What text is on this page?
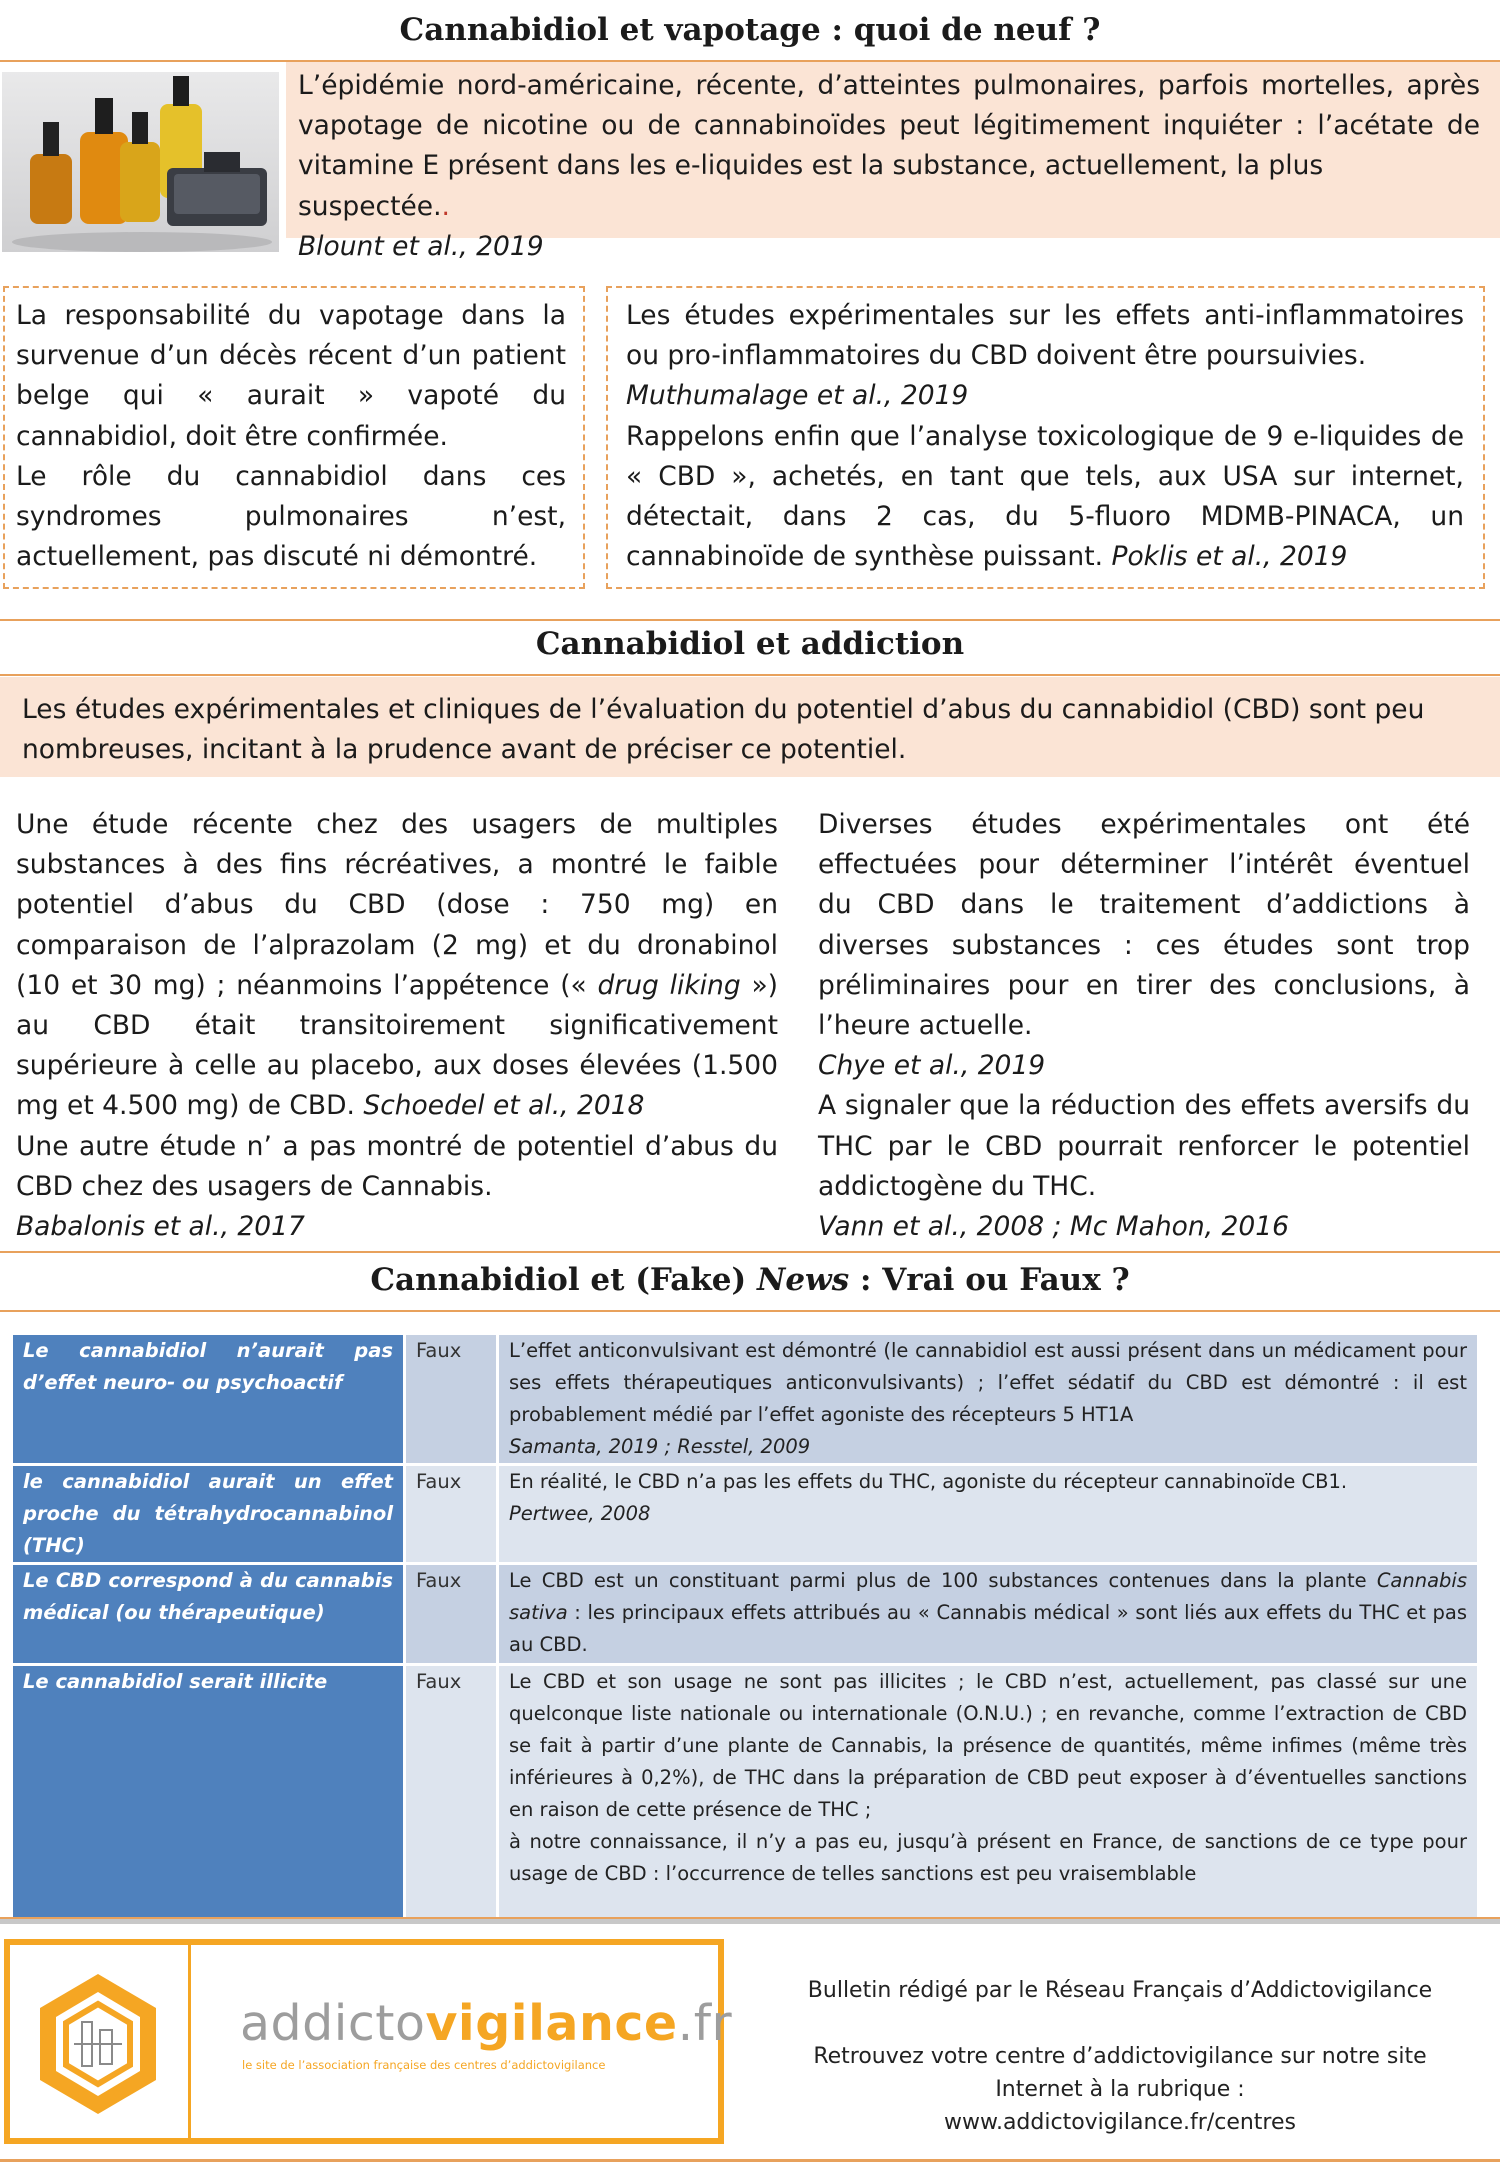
Cannabidiol et vapotage : quoi de neuf ?
L’épidémie nord-américaine, récente, d’atteintes pulmonaires, parfois mortelles, après
vapotage de nicotine ou de cannabinoïdes peut légitimement inquiéter : l’acétate de
vitamine E présent dans les e-liquides est la substance, actuellement, la plus suspectée..
Blount et al., 2019
La responsabilité du vapotage dans la
survenue d’un décès récent d’un patient
belge qui « aurait » vapoté du
cannabidiol, doit être confirmée.
Le rôle du cannabidiol dans ces
syndromes pulmonaires n’est,
actuellement, pas discuté ni démontré.
Les études expérimentales sur les effets anti-inflammatoires
ou pro-inflammatoires du CBD doivent être poursuivies.
Muthumalage et al., 2019
Rappelons enfin que l’analyse toxicologique de 9 e-liquides de
« CBD », achetés, en tant que tels, aux USA sur internet,
détectait, dans 2 cas, du 5-fluoro MDMB-PINACA, un
cannabinoïde de synthèse puissant. Poklis et al., 2019
Cannabidiol et addiction
Les études expérimentales et cliniques de l’évaluation du potentiel d’abus du cannabidiol (CBD) sont peu
nombreuses, incitant à la prudence avant de préciser ce potentiel.
Une étude récente chez des usagers de multiples
substances à des fins récréatives, a montré le faible
potentiel d’abus du CBD (dose : 750 mg) en
comparaison de l’alprazolam (2 mg) et du dronabinol
(10 et 30 mg) ; néanmoins l’appétence (« drug liking »)
au CBD était transitoirement significativement
supérieure à celle au placebo, aux doses élevées (1.500
mg et 4.500 mg) de CBD. Schoedel et al., 2018
Une autre étude n’ a pas montré de potentiel d’abus du
CBD chez des usagers de Cannabis.
Babalonis et al., 2017
Diverses études expérimentales ont été
effectuées pour déterminer l’intérêt éventuel
du CBD dans le traitement d’addictions à
diverses substances : ces études sont trop
préliminaires pour en tirer des conclusions, à
l’heure actuelle.
Chye et al., 2019
A signaler que la réduction des effets aversifs du
THC par le CBD pourrait renforcer le potentiel
addictogène du THC.
Vann et al., 2008 ; Mc Mahon, 2016
Cannabidiol et (Fake) News : Vrai ou Faux ?
Le cannabidiol n’aurait pas d’effet neuro- ou psychoactif	Faux	L’effet anticonvulsivant est démontré (le cannabidiol est aussi présent dans un médicament pour ses effets thérapeutiques anticonvulsivants) ; l’effet sédatif du CBD est démontré : il est probablement médié par l’effet agoniste des récepteurs 5 HT1A
Samanta, 2019 ; Resstel, 2009
le cannabidiol aurait un effet proche du tétrahydrocannabinol (THC)	Faux	En réalité, le CBD n’a pas les effets du THC, agoniste du récepteur cannabinoïde CB1.
Pertwee, 2008
Le CBD correspond à du cannabis médical (ou thérapeutique)	Faux	Le CBD est un constituant parmi plus de 100 substances contenues dans la plante Cannabis sativa : les principaux effets attribués au « Cannabis médical » sont liés aux effets du THC et pas au CBD.
Le cannabidiol serait illicite	Faux	Le CBD et son usage ne sont pas illicites ; le CBD n’est, actuellement, pas classé sur une quelconque liste nationale ou internationale (O.N.U.) ; en revanche, comme l’extraction de CBD se fait à partir d’une plante de Cannabis, la présence de quantités, même infimes (même très inférieures à 0,2%), de THC dans la préparation de CBD peut exposer à d’éventuelles sanctions en raison de cette présence de THC ;
à notre connaissance, il n’y a pas eu, jusqu’à présent en France, de sanctions de ce type pour usage de CBD : l’occurrence de telles sanctions est peu vraisemblable
addictovigilance.fr
le site de l’association française des centres d’addictovigilance
Bulletin rédigé par le Réseau Français d’Addictovigilance
Retrouvez votre centre d’addictovigilance sur notre site
Internet à la rubrique :
www.addictovigilance.fr/centres
